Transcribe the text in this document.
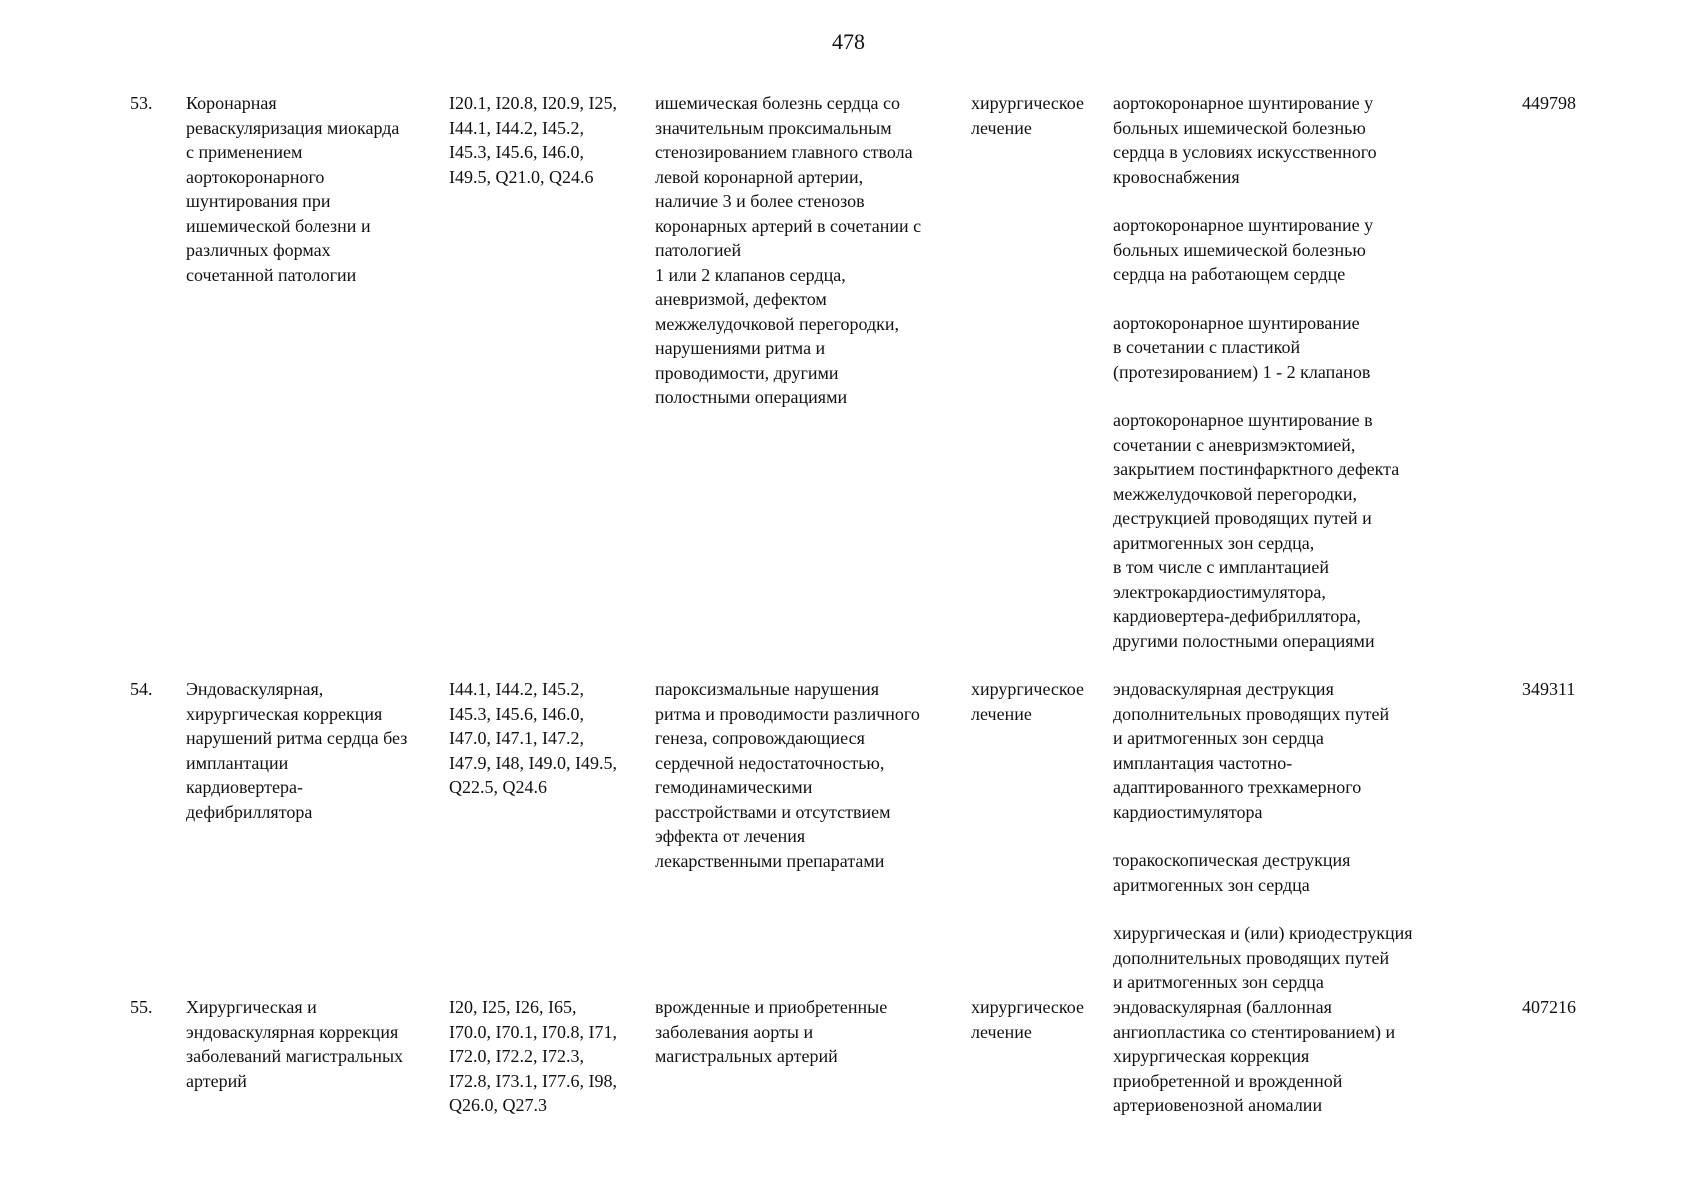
478
53. Коронарная
реваскуляризация миокарда
с применением
аортокоронарного
шунтирования при
ишемической болезни и
различных формах
сочетанной патологии
I20.1, I20.8, I20.9, I25,
I44.1, I44.2, I45.2,
I45.3, I45.6, I46.0,
I49.5, Q21.0, Q24.6
ишемическая болезнь сердца со
значительным проксимальным
стенозированием главного ствола
левой коронарной артерии,
наличие 3 и более стенозов
коронарных артерий в сочетании с
патологией
1 или 2 клапанов сердца,
аневризмой, дефектом
межжелудочковой перегородки,
нарушениями ритма и
проводимости, другими
полостными операциями
хирургическое
лечение
аортокоронарное шунтирование у
больных ишемической болезнью
сердца в условиях искусственного
кровоснабжения
аортокоронарное шунтирование у
больных ишемической болезнью
сердца на работающем сердце
аортокоронарное шунтирование
в сочетании с пластикой
(протезированием) 1 - 2 клапанов
аортокоронарное шунтирование в
сочетании с аневризмэктомией,
закрытием постинфарктного дефекта
межжелудочковой перегородки,
деструкцией проводящих путей и
аритмогенных зон сердца,
в том числе с имплантацией
электрокардиостимулятора,
кардиовертера-дефибриллятора,
другими полостными операциями
449798
54. Эндоваскулярная,
хирургическая коррекция
нарушений ритма сердца без
имплантации
кардиовертера-
дефибриллятора
I44.1, I44.2, I45.2,
I45.3, I45.6, I46.0,
I47.0, I47.1, I47.2,
I47.9, I48, I49.0, I49.5,
Q22.5, Q24.6
пароксизмальные нарушения
ритма и проводимости различного
генеза, сопровождающиеся
сердечной недостаточностью,
гемодинамическими
расстройствами и отсутствием
эффекта от лечения
лекарственными препаратами
хирургическое
лечение
эндоваскулярная деструкция
дополнительных проводящих путей
и аритмогенных зон сердца
имплантация частотно-
адаптированного трехкамерного
кардиостимулятора
торакоскопическая деструкция
аритмогенных зон сердца
хирургическая и (или) криодеструкция
дополнительных проводящих путей
и аритмогенных зон сердца
349311
55. Хирургическая и
эндоваскулярная коррекция
заболеваний магистральных
артерий
I20, I25, I26, I65,
I70.0, I70.1, I70.8, I71,
I72.0, I72.2, I72.3,
I72.8, I73.1, I77.6, I98,
Q26.0, Q27.3
врожденные и приобретенные
заболевания аорты и
магистральных артерий
хирургическое
лечение
эндоваскулярная (баллонная
ангиопластика со стентированием) и
хирургическая коррекция
приобретенной и врожденной
артериовенозной аномалии
407216
